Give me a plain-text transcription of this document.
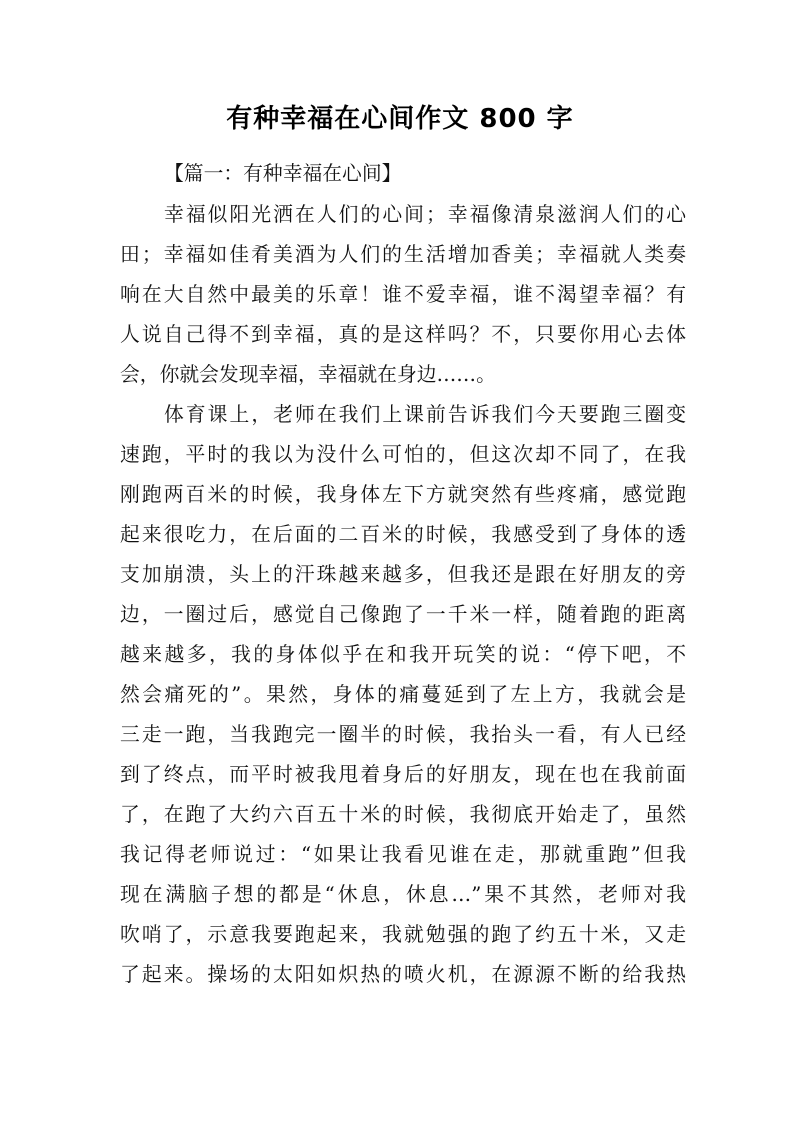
有种幸福在心间作文 800 字
【篇一：有种幸福在心间】
幸福似阳光洒在人们的心间；幸福像清泉滋润人们的心
田；幸福如佳肴美酒为人们的生活增加香美；幸福就人类奏
响在大自然中最美的乐章！谁不爱幸福，谁不渴望幸福？有
人说自己得不到幸福，真的是这样吗？不，只要你用心去体
会，你就会发现幸福，幸福就在身边……。
体育课上，老师在我们上课前告诉我们今天要跑三圈变
速跑，平时的我以为没什么可怕的，但这次却不同了，在我
刚跑两百米的时候，我身体左下方就突然有些疼痛，感觉跑
起来很吃力，在后面的二百米的时候，我感受到了身体的透
支加崩溃，头上的汗珠越来越多，但我还是跟在好朋友的旁
边，一圈过后，感觉自己像跑了一千米一样，随着跑的距离
越来越多，我的身体似乎在和我开玩笑的说：“停下吧，不
然会痛死的”。果然，身体的痛蔓延到了左上方，我就会是
三走一跑，当我跑完一圈半的时候，我抬头一看，有人已经
到了终点，而平时被我甩着身后的好朋友，现在也在我前面
了，在跑了大约六百五十米的时候，我彻底开始走了，虽然
我记得老师说过：“如果让我看见谁在走，那就重跑”但我
现在满脑子想的都是“休息，休息…”果不其然，老师对我
吹哨了，示意我要跑起来，我就勉强的跑了约五十米，又走
了起来。操场的太阳如炽热的喷火机，在源源不断的给我热
